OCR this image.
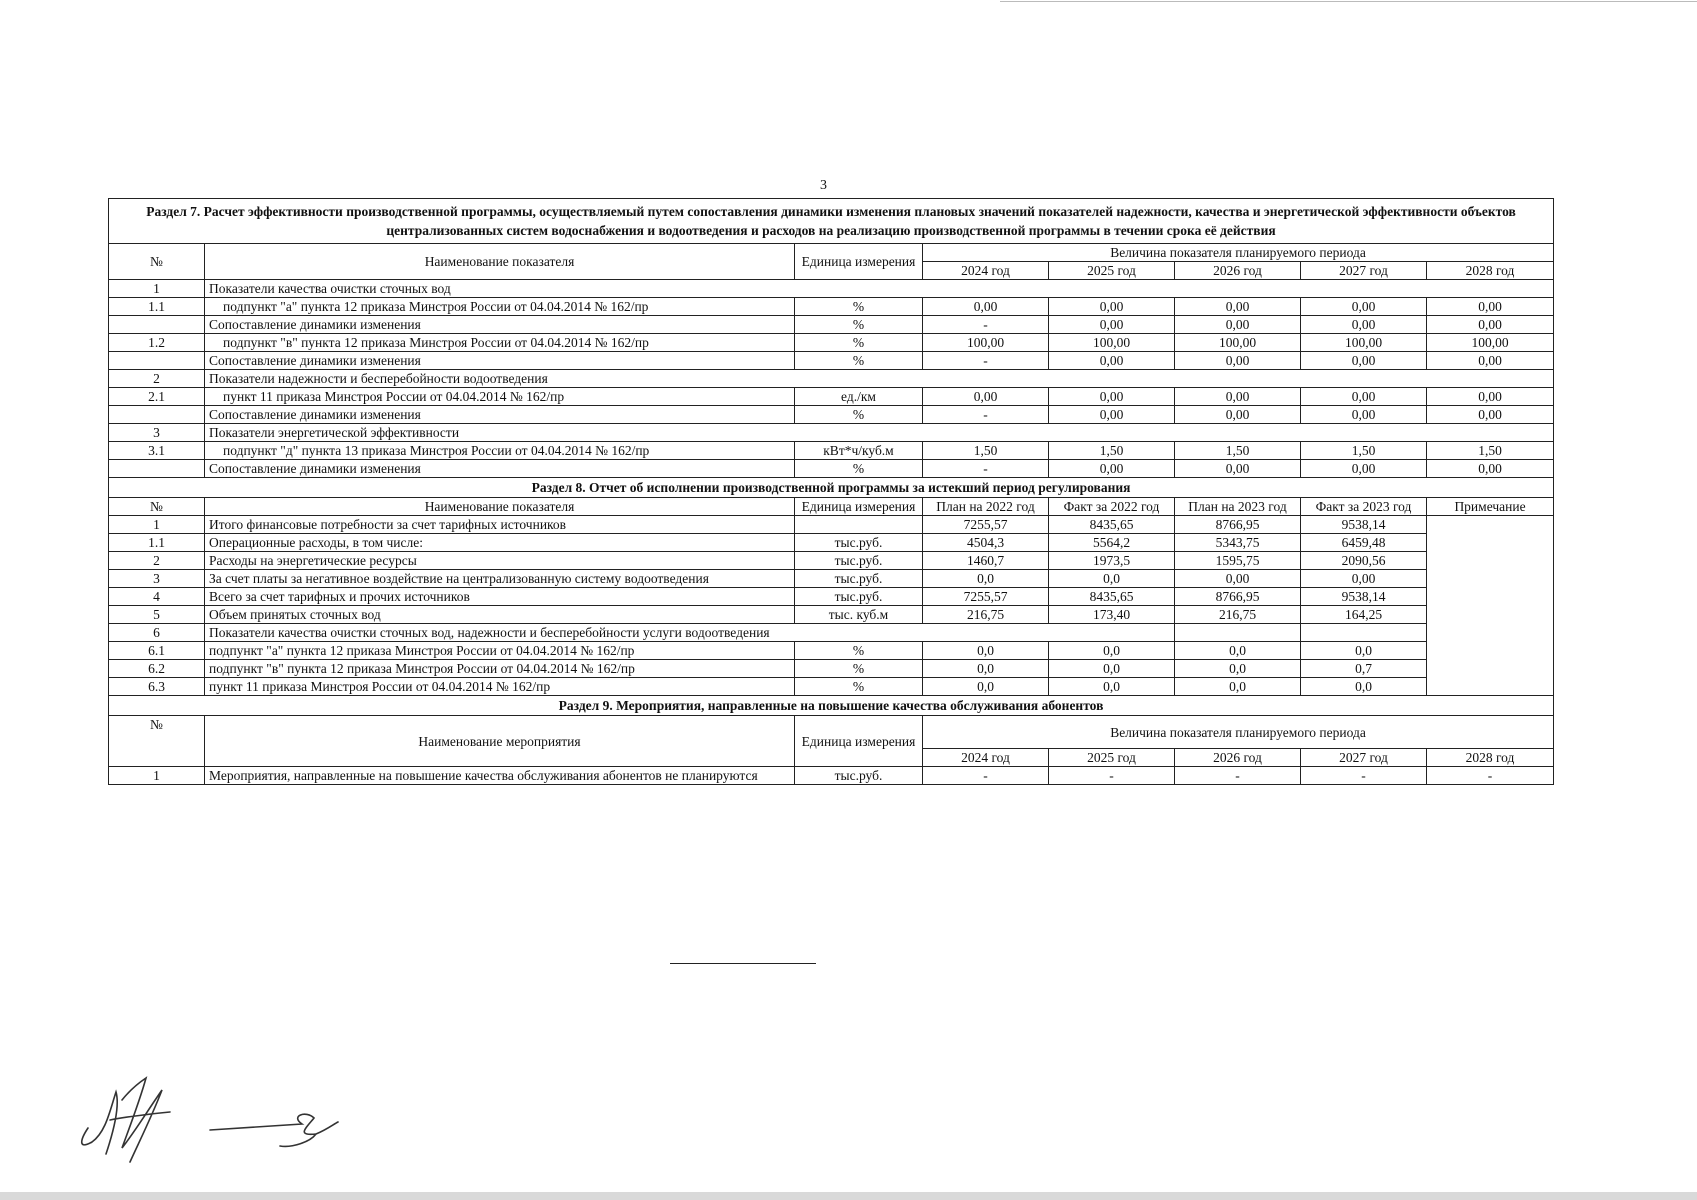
3
Раздел 7. Расчет эффективности производственной программы, осуществляемый путем сопоставления динамики изменения плановых значений показателей надежности, качества и энергетической эффективности объектов централизованных систем водоснабжения и водоотведения и расходов на реализацию производственной программы в течении срока её действия							
№	Наименование показателя	Единица измерения	Величина показателя планируемого периода				
			2024 год	2025 год	2026 год	2027 год	2028 год
1	Показатели качества очистки сточных вод						
1.1	подпункт "а" пункта 12 приказа Минстроя России от 04.04.2014 № 162/пр	%	0,00	0,00	0,00	0,00	0,00
	Сопоставление динамики изменения	%	-	0,00	0,00	0,00	0,00
1.2	подпункт "в" пункта 12 приказа Минстроя России от 04.04.2014 № 162/пр	%	100,00	100,00	100,00	100,00	100,00
	Сопоставление динамики изменения	%	-	0,00	0,00	0,00	0,00
2	Показатели надежности и бесперебойности водоотведения						
2.1	пункт 11 приказа Минстроя России от 04.04.2014 № 162/пр	ед./км	0,00	0,00	0,00	0,00	0,00
	Сопоставление динамики изменения	%	-	0,00	0,00	0,00	0,00
3	Показатели энергетической эффективности						
3.1	подпункт "д" пункта 13 приказа Минстроя России от 04.04.2014 № 162/пр	кВт*ч/куб.м	1,50	1,50	1,50	1,50	1,50
	Сопоставление динамики изменения	%	-	0,00	0,00	0,00	0,00
Раздел 8. Отчет об исполнении производственной программы за истекший период регулирования							
№	Наименование показателя	Единица измерения	План на 2022 год	Факт за 2022 год	План на 2023 год	Факт за 2023 год	Примечание
1	Итого финансовые потребности за счет тарифных источников		7255,57	8435,65	8766,95	9538,14	
1.1	Операционные расходы, в том числе:	тыс.руб.	4504,3	5564,2	5343,75	6459,48	
2	Расходы на энергетические ресурсы	тыс.руб.	1460,7	1973,5	1595,75	2090,56	
3	За счет платы за негативное воздействие на централизованную систему водоотведения	тыс.руб.	0,0	0,0	0,00	0,00	
4	Всего за счет тарифных и прочих источников	тыс.руб.	7255,57	8435,65	8766,95	9538,14	
5	Объем принятых сточных вод	тыс. куб.м	216,75	173,40	216,75	164,25	
6	Показатели качества очистки сточных вод, надежности и бесперебойности услуги водоотведения						
6.1	подпункт "а" пункта 12 приказа Минстроя России от 04.04.2014 № 162/пр	%	0,0	0,0	0,0	0,0	
6.2	подпункт "в" пункта 12 приказа Минстроя России от 04.04.2014 № 162/пр	%	0,0	0,0	0,0	0,7	
6.3	пункт 11 приказа Минстроя России от 04.04.2014 № 162/пр	%	0,0	0,0	0,0	0,0	
Раздел 9. Мероприятия, направленные на повышение качества обслуживания абонентов							
№	Наименование мероприятия	Единица измерения	Величина показателя планируемого периода				
			2024 год	2025 год	2026 год	2027 год	2028 год
1	Мероприятия, направленные на повышение качества обслуживания абонентов не планируются	тыс.руб.	-	-	-	-	-
